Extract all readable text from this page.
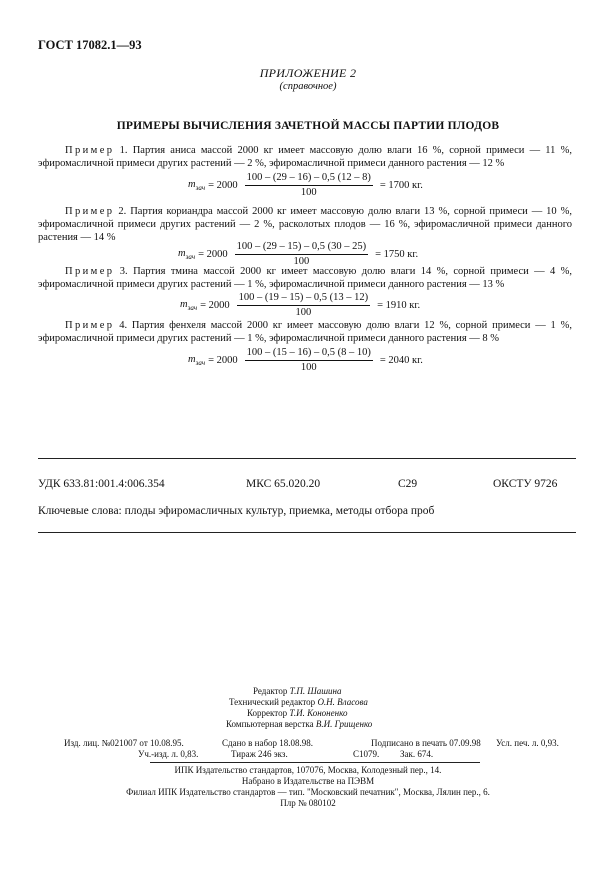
ГОСТ 17082.1—93
ПРИЛОЖЕНИЕ 2
(справочное)
ПРИМЕРЫ ВЫЧИСЛЕНИЯ ЗАЧЕТНОЙ МАССЫ ПАРТИИ ПЛОДОВ
Пример 1. Партия аниса массой 2000 кг имеет массовую долю влаги 16 %, сорной примеси — 11 %, эфиромасличной примеси других растений — 2 %, эфиромасличной примеси данного растения — 12 %
$m_{зач} = 2000 \frac{100 - (29 - 16) - 0,5 (12 - 8)}{100} = 1700$ кг.
Пример 2. Партия кориандра массой 2000 кг имеет массовую долю влаги 13 %, сорной примеси — 10 %, эфиромасличной примеси других растений — 2 %, расколотых плодов — 16 %, эфиромасличной примеси данного растения — 14 %
$m_{зач} = 2000 \frac{100 - (29 - 15) - 0,5 (30 - 25)}{100} = 1750$ кг.
Пример 3. Партия тмина массой 2000 кг имеет массовую долю влаги 14 %, сорной примеси — 4 %, эфиромасличной примеси других растений — 1 %, эфиромасличной примеси данного растения — 13 %
$m_{зач} = 2000 \frac{100 - (19 - 15) - 0,5 (13 - 12)}{100} = 1910$ кг.
Пример 4. Партия фенхеля массой 2000 кг имеет массовую долю влаги 12 %, сорной примеси — 1 %, эфиромасличной примеси других растений — 1 %, эфиромасличной примеси данного растения — 8 %
$m_{зач} = 2000 \frac{100 - (15 - 16) - 0,5 (8 - 10)}{100} = 2040$ кг.
УДК 633.81:001.4:006.354	МКС 65.020.20	С29	ОКСТУ 9726
Ключевые слова: плоды эфиромасличных культур, приемка, методы отбора проб
Редактор Т.П. Шашина
Технический редактор О.Н. Власова
Корректор Т.И. Кононенко
Компьютерная верстка В.И. Грищенко
Изд. лиц. №021007 от 10.08.95.	Сдано в набор 18.08.98.	Подписано в печать 07.09.98 Усл. печ. л. 0,93.
Уч.-изд. л. 0,83.	Тираж 246 экз.	С1079. Зак. 674.
ИПК Издательство стандартов, 107076, Москва, Колодезный пер., 14.
Набрано в Издательстве на ПЭВМ
Филиал ИПК Издательство стандартов — тип. "Московский печатник", Москва, Лялин пер., 6.
Плр № 080102
